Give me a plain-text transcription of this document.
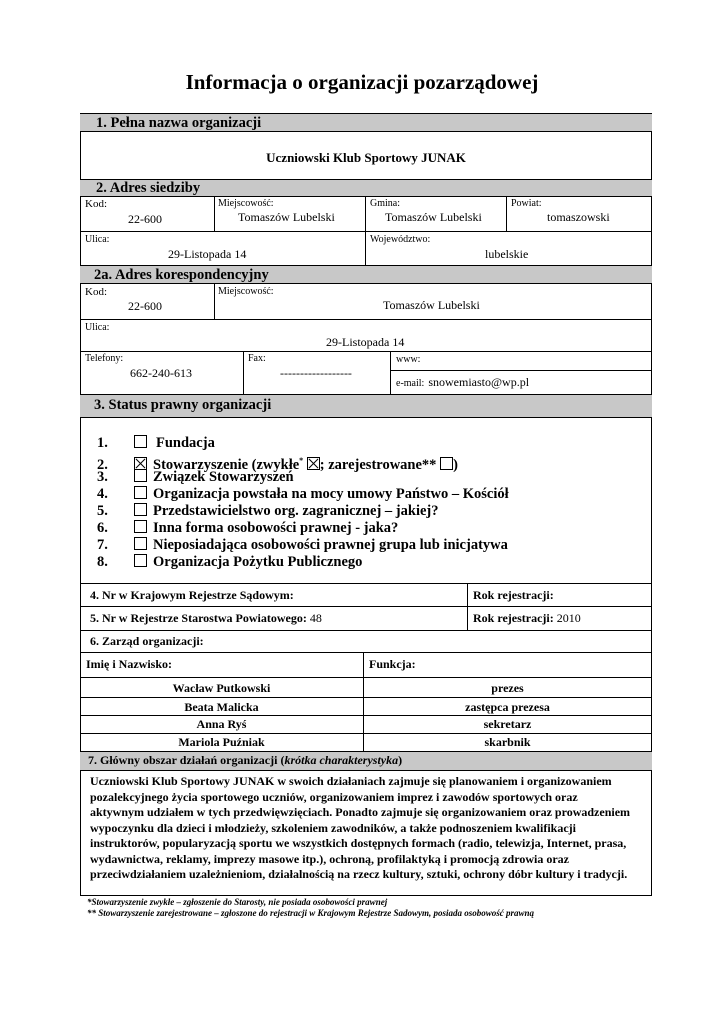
Informacja o organizacji pozarządowej
1. Pełna nazwa organizacji
Uczniowski Klub Sportowy JUNAK
2. Adres siedziby
Kod:
22-600
Miejscowość:
Tomaszów Lubelski
Gmina:
Tomaszów Lubelski
Powiat:
tomaszowski
Ulica:
29-Listopada 14
Województwo:
lubelskie
2a. Adres korespondencyjny
Kod:
22-600
Miejscowość:
Tomaszów Lubelski
Ulica:
29-Listopada 14
Telefony:
662-240-613
Fax:
------------------
www:
e-mail: snowemiasto@wp.pl
3. Status prawny organizacji
1.	Fundacja
2.	Stowarzyszenie (zwykłe* ; zarejestrowane** )
3.	Związek Stowarzyszeń
4.	Organizacja powstała na mocy umowy Państwo – Kościół
5.	Przedstawicielstwo org. zagranicznej – jakiej?
6.	Inna forma osobowości prawnej - jaka?
7.	Nieposiadająca osobowości prawnej grupa lub inicjatywa
8.	Organizacja Pożytku Publicznego
4. Nr w Krajowym Rejestrze Sądowym:	Rok rejestracji:
5. Nr w Rejestrze Starostwa Powiatowego: 48	Rok rejestracji: 2010
6. Zarząd organizacji:
Imię i Nazwisko:	Funkcja:
Wacław Putkowski	prezes
Beata Malicka	zastępca prezesa
Anna Ryś	sekretarz
Mariola Puźniak	skarbnik
7. Główny obszar działań organizacji (krótka charakterystyka)
Uczniowski Klub Sportowy JUNAK w swoich działaniach zajmuje się planowaniem i organizowaniem
pozalekcyjnego życia sportowego uczniów, organizowaniem imprez i zawodów sportowych oraz
aktywnym udziałem w tych przedwięwzięciach. Ponadto zajmuje się organizowaniem oraz prowadzeniem
wypoczynku dla dzieci i młodzieży, szkoleniem zawodników, a także podnoszeniem kwalifikacji
instruktorów, popularyzacją sportu we wszystkich dostępnych formach (radio, telewizja, Internet, prasa,
wydawnictwa, reklamy, imprezy masowe itp.), ochroną, profilaktyką i promocją zdrowia oraz
przeciwdziałaniem uzależnieniom, działalnością na rzecz kultury, sztuki, ochrony dóbr kultury i tradycji.
*Stowarzyszenie zwykłe – zgłoszenie do Starosty, nie posiada osobowości prawnej
** Stowarzyszenie zarejestrowane – zgłoszone do rejestracji w Krajowym Rejestrze Sadowym, posiada osobowość prawną
